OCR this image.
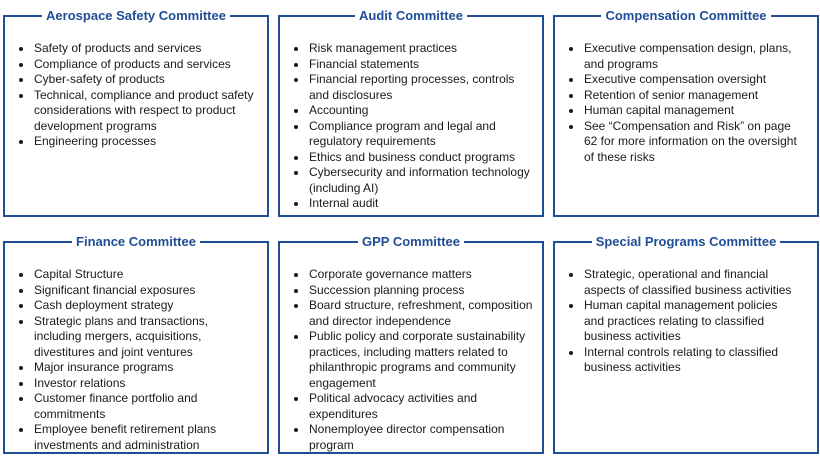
Aerospace Safety Committee
Safety of products and services
Compliance of products and services
Cyber-safety of products
Technical, compliance and product safety considerations with respect to product development programs
Engineering processes
Audit Committee
Risk management practices
Financial statements
Financial reporting processes, controls and disclosures
Accounting
Compliance program and legal and regulatory requirements
Ethics and business conduct programs
Cybersecurity and information technology (including AI)
Internal audit
Compensation Committee
Executive compensation design, plans, and programs
Executive compensation oversight
Retention of senior management
Human capital management
See “Compensation and Risk” on page 62 for more information on the oversight of these risks
Finance Committee
Capital Structure
Significant financial exposures
Cash deployment strategy
Strategic plans and transactions, including mergers, acquisitions, divestitures and joint ventures
Major insurance programs
Investor relations
Customer finance portfolio and commitments
Employee benefit retirement plans investments and administration
GPP Committee
Corporate governance matters
Succession planning process
Board structure, refreshment, composition and director independence
Public policy and corporate sustainability practices, including matters related to philanthropic programs and community engagement
Political advocacy activities and expenditures
Nonemployee director compensation program
Special Programs Committee
Strategic, operational and financial aspects of classified business activities
Human capital management policies and practices relating to classified business activities
Internal controls relating to classified business activities
